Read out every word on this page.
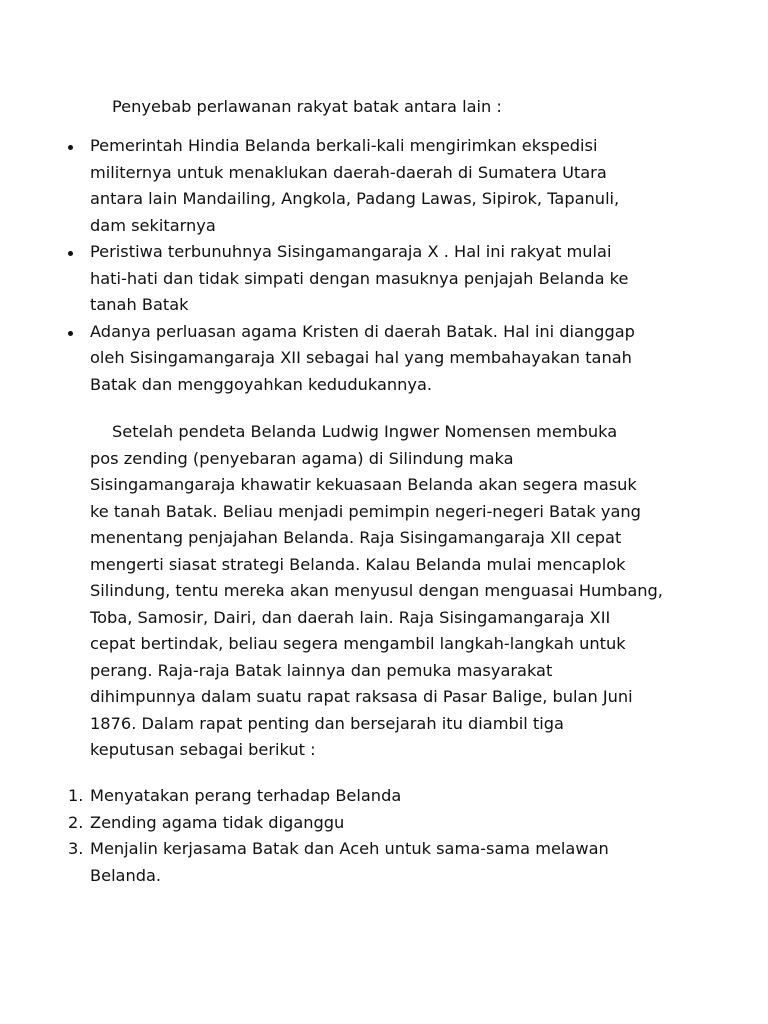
Penyebab perlawanan rakyat batak antara lain :

Pemerintah Hindia Belanda berkali-kali mengirimkan ekspedisi
militernya untuk menaklukan daerah-daerah di Sumatera Utara
antara lain Mandailing, Angkola, Padang Lawas, Sipirok, Tapanuli,
dam sekitarnya
Peristiwa terbunuhnya Sisingamangaraja X . Hal ini rakyat mulai
hati-hati dan tidak simpati dengan masuknya penjajah Belanda ke
tanah Batak
Adanya perluasan agama Kristen di daerah Batak. Hal ini dianggap
oleh Sisingamangaraja XII sebagai hal yang membahayakan tanah
Batak dan menggoyahkan kedudukannya.

Setelah pendeta Belanda Ludwig Ingwer Nomensen membuka
pos zending (penyebaran agama) di Silindung maka
Sisingamangaraja khawatir kekuasaan Belanda akan segera masuk
ke tanah Batak. Beliau menjadi pemimpin negeri-negeri Batak yang
menentang penjajahan Belanda. Raja Sisingamangaraja XII cepat
mengerti siasat strategi Belanda. Kalau Belanda mulai mencaplok
Silindung, tentu mereka akan menyusul dengan menguasai Humbang,
Toba, Samosir, Dairi, dan daerah lain. Raja Sisingamangaraja XII
cepat bertindak, beliau segera mengambil langkah-langkah untuk
perang. Raja-raja Batak lainnya dan pemuka masyarakat
dihimpunnya dalam suatu rapat raksasa di Pasar Balige, bulan Juni
1876. Dalam rapat penting dan bersejarah itu diambil tiga
keputusan sebagai berikut :

1. Menyatakan perang terhadap Belanda
2. Zending agama tidak diganggu
3. Menjalin kerjasama Batak dan Aceh untuk sama-sama melawan
Belanda.
